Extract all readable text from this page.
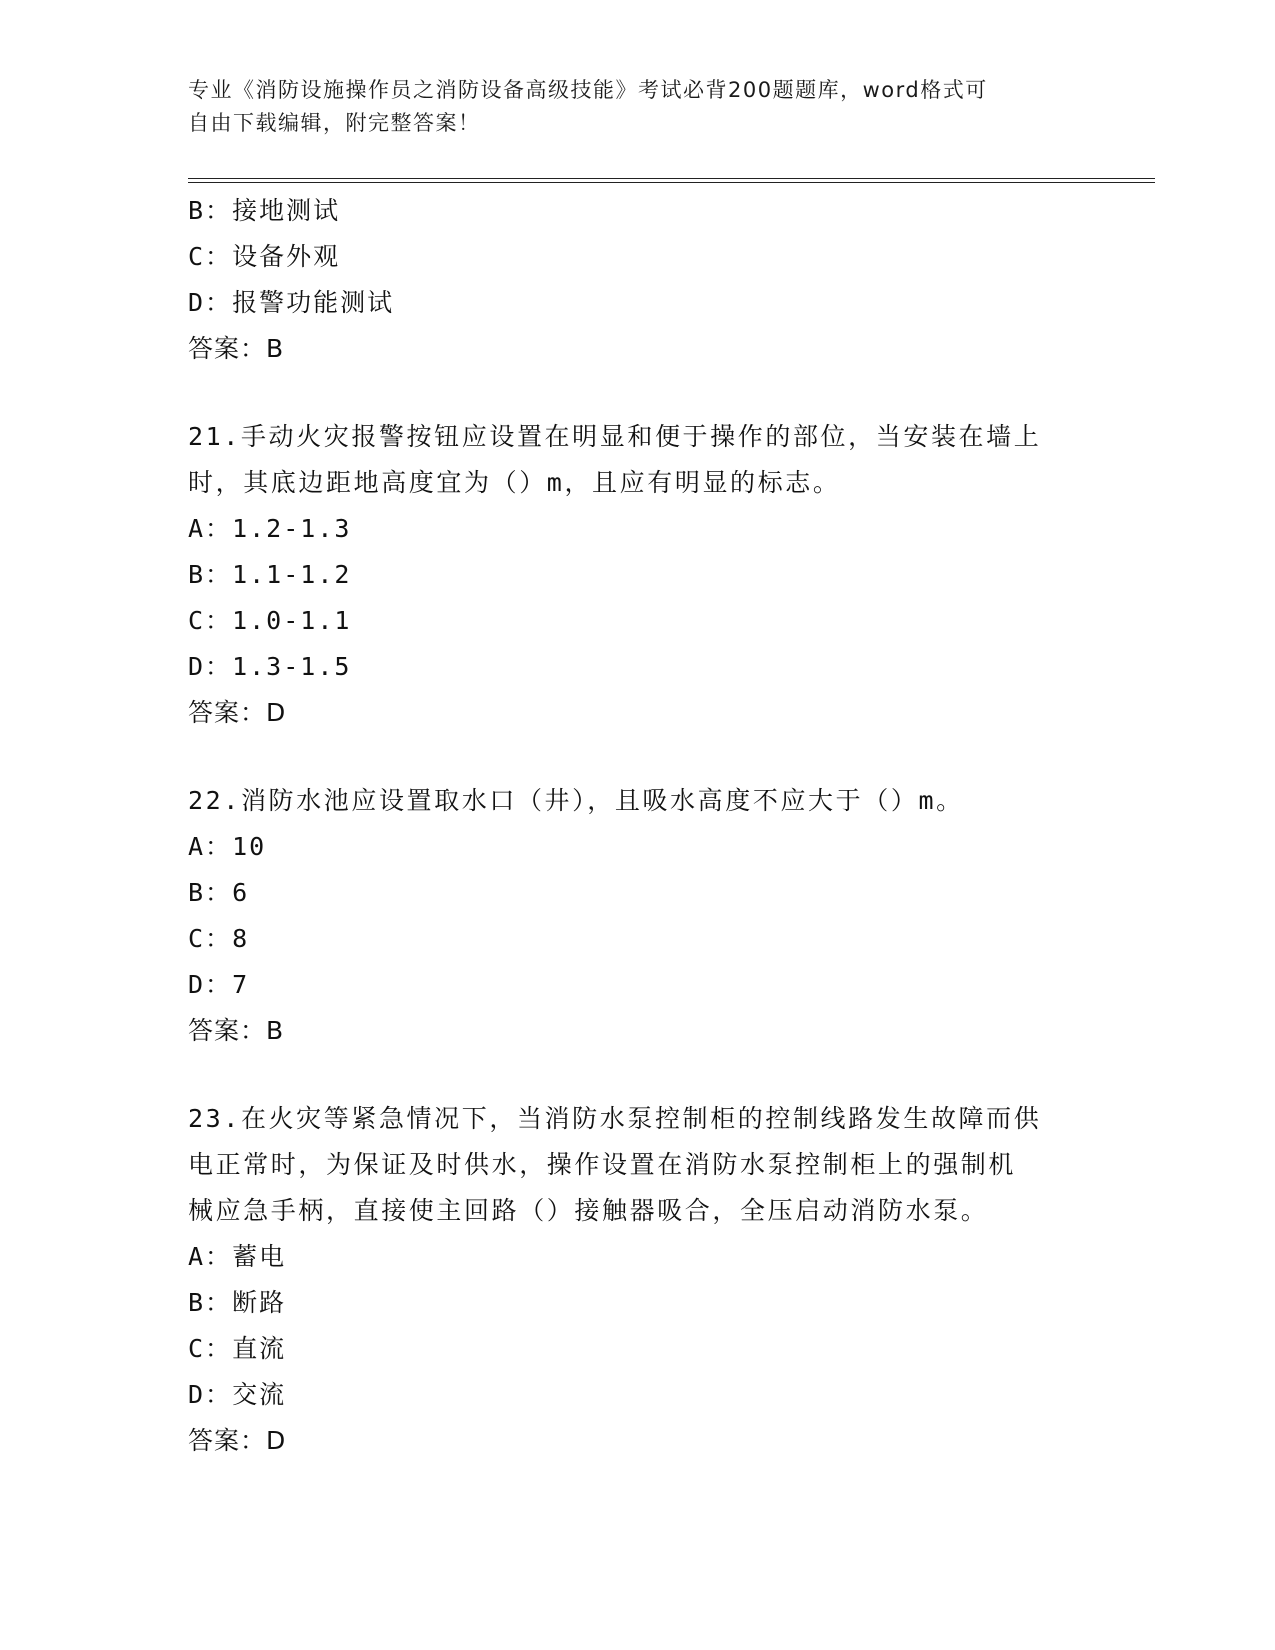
专业《消防设施操作员之消防设备高级技能》考试必背200题题库，word格式可
自由下载编辑，附完整答案！
B：接地测试
C：设备外观
D：报警功能测试
答案：B
21.手动火灾报警按钮应设置在明显和便于操作的部位，当安装在墙上
时，其底边距地高度宜为（）m，且应有明显的标志。
A：1.2-1.3
B：1.1-1.2
C：1.0-1.1
D：1.3-1.5
答案：D
22.消防水池应设置取水口（井），且吸水高度不应大于（）m。
A：10
B：6
C：8
D：7
答案：B
23.在火灾等紧急情况下，当消防水泵控制柜的控制线路发生故障而供
电正常时，为保证及时供水，操作设置在消防水泵控制柜上的强制机
械应急手柄，直接使主回路（）接触器吸合，全压启动消防水泵。
A：蓄电
B：断路
C：直流
D：交流
答案：D
